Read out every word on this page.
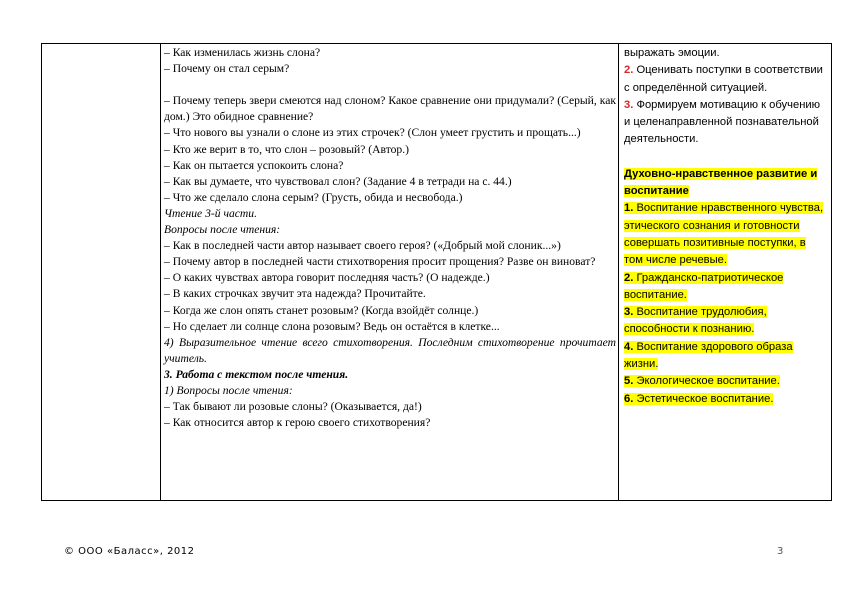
– Как изменилась жизнь слона?
– Почему он стал серым?
– Почему теперь звери смеются над слоном? Какое сравнение они придумали? (Серый, как дом.) Это обидное сравнение?
– Что нового вы узнали о слоне из этих строчек? (Слон умеет грустить и прощать...)
– Кто же верит в то, что слон – розовый? (Автор.)
– Как он пытается успокоить слона?
– Как вы думаете, что чувствовал слон? (Задание 4 в тетради на с. 44.)
– Что же сделало слона серым? (Грусть, обида и несвобода.)
Чтение 3-й части.
Вопросы после чтения:
– Как в последней части автор называет своего героя? («Добрый мой слоник...»)
– Почему автор в последней части стихотворения просит прощения? Разве он виноват?
– О каких чувствах автора говорит последняя часть? (О надежде.)
– В каких строчках звучит эта надежда? Прочитайте.
– Когда же слон опять станет розовым? (Когда взойдёт солнце.)
– Но сделает ли солнце слона розовым? Ведь он остаётся в клетке...
4) Выразительное чтение всего стихотворения. Последним стихотворение прочитает учитель.
3. Работа с текстом после чтения.
1) Вопросы после чтения:
– Так бывают ли розовые слоны? (Оказывается, да!)
– Как относится автор к герою своего стихотворения?
выражать эмоции.
2. Оценивать поступки в соответствии с определённой ситуацией.
3. Формируем мотивацию к обучению и целенаправленной познавательной деятельности.
Духовно-нравственное развитие и воспитание
1. Воспитание нравственного чувства, этического сознания и готовности совершать позитивные поступки, в том числе речевые.
2. Гражданско-патриотическое воспитание.
3. Воспитание трудолюбия, способности к познанию.
4. Воспитание здорового образа жизни.
5. Экологическое воспитание.
6. Эстетическое воспитание.
© ООО «Баласс», 2012	3
